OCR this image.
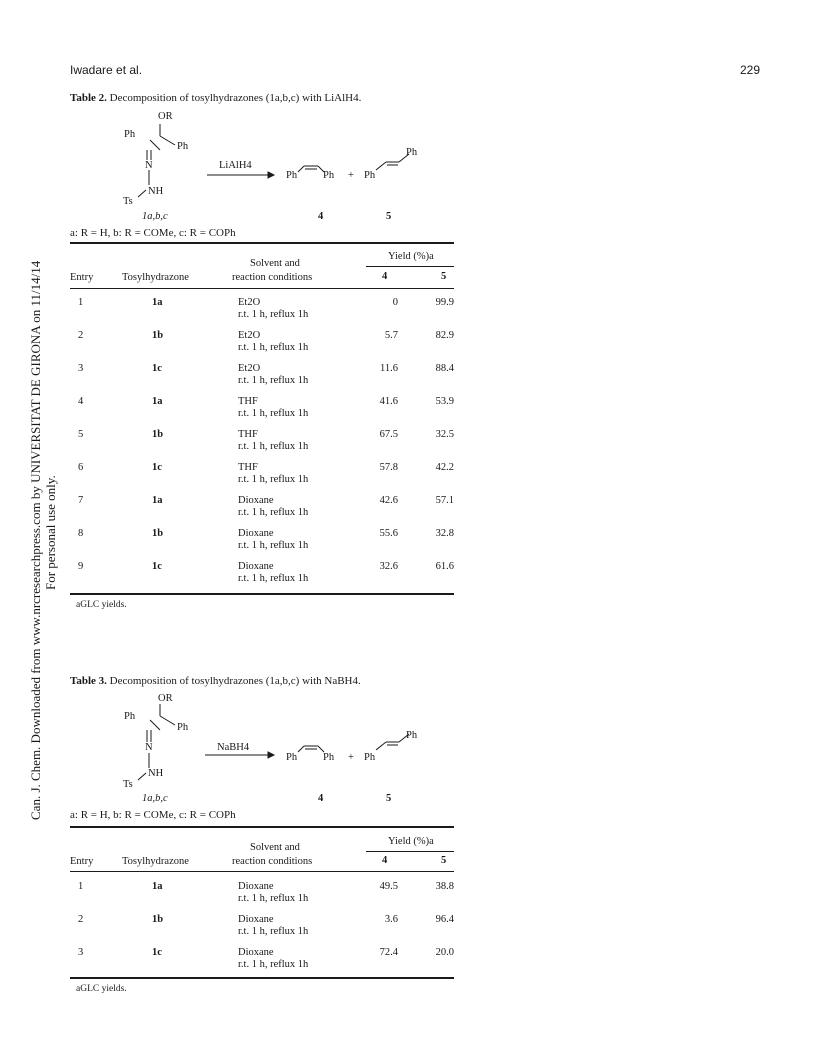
Iwadare et al.	229
Can. J. Chem. Downloaded from www.nrcresearchpress.com by UNIVERSITAT DE GIRONA on 11/14/14 For personal use only.
Table 2. Decomposition of tosylhydrazones (1a,b,c) with LiAlH4.
OR
Ph
Ph
N
NH
Ts
1a,b,c
LiAlH4
Ph Ph + Ph
Ph
4	5
a: R = H, b: R = COMe, c: R = COPh
Entry	Tosylhydrazone
Solvent and
reaction conditions
Yield (%)a
4	5
1	1a	Et2O	0	99.9
r.t. 1 h, reflux 1h
2	1b	Et2O	5.7	82.9
r.t. 1 h, reflux 1h
3	1c	Et2O	11.6	88.4
r.t. 1 h, reflux 1h
4	1a	THF	41.6	53.9
r.t. 1 h, reflux 1h
5	1b	THF	67.5	32.5
r.t. 1 h, reflux 1h
6	1c	THF	57.8	42.2
r.t. 1 h, reflux 1h
7	1a	Dioxane	42.6	57.1
r.t. 1 h, reflux 1h
8	1b	Dioxane	55.6	32.8
r.t. 1 h, reflux 1h
9	1c	Dioxane	32.6	61.6
r.t. 1 h, reflux 1h
aGLC yields.
Table 3. Decomposition of tosylhydrazones (1a,b,c) with NaBH4.
OR
Ph
Ph
N
NH
Ts
1a,b,c
NaBH4
Ph Ph + Ph
Ph
4	5
a: R = H, b: R = COMe, c: R = COPh
Entry	Tosylhydrazone
Solvent and
reaction conditions
Yield (%)a
4	5
1	1a	Dioxane	49.5	38.8
r.t. 1 h, reflux 1h
2	1b	Dioxane	3.6	96.4
r.t. 1 h, reflux 1h
3	1c	Dioxane	72.4	20.0
r.t. 1 h, reflux 1h
aGLC yields.
